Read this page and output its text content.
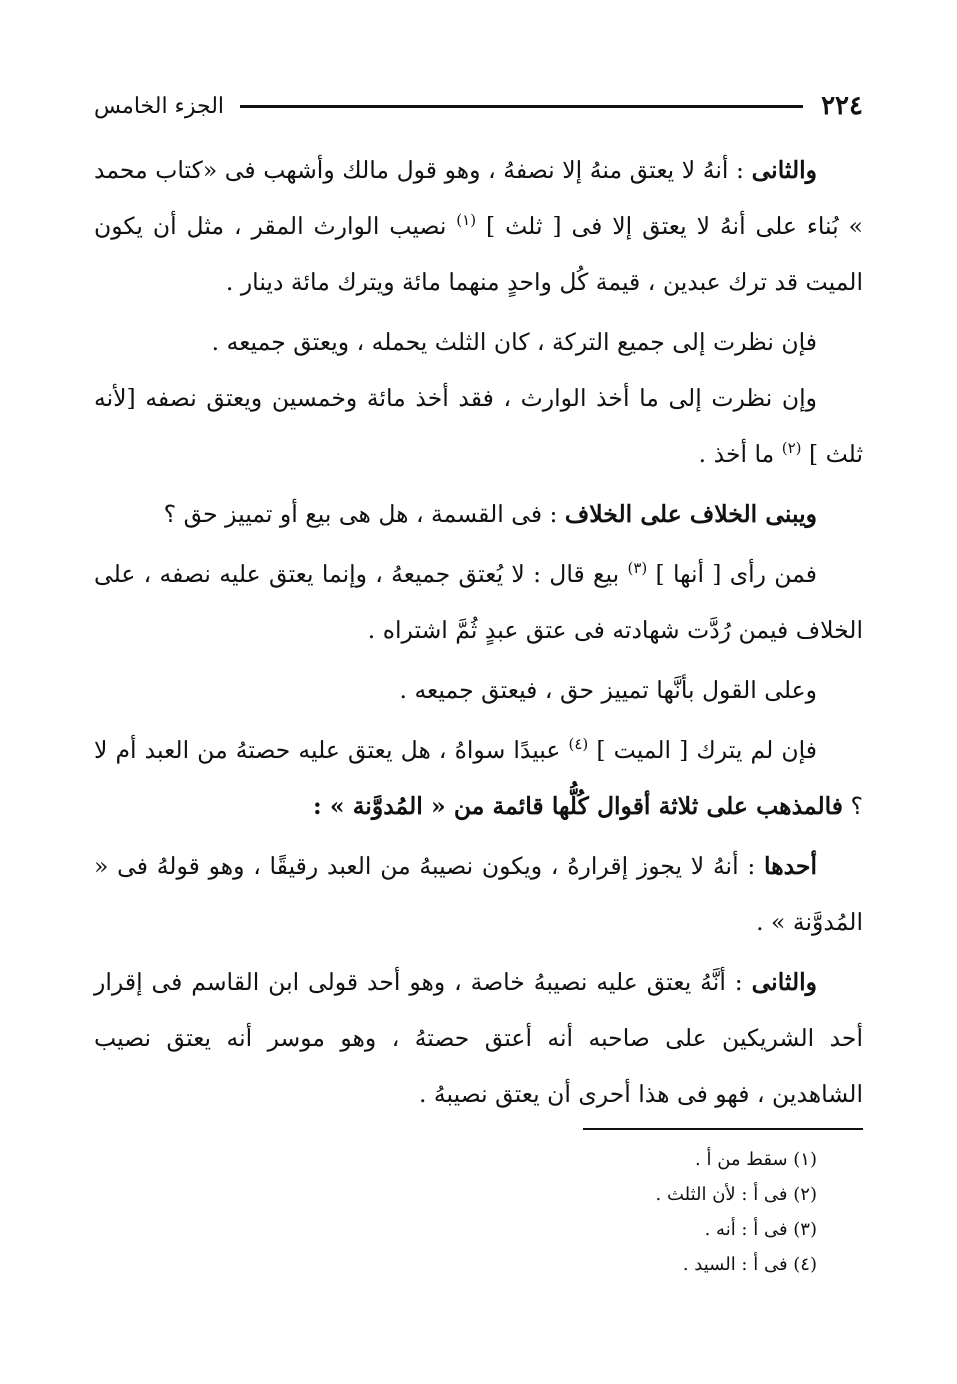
٢٢٤
الجزء الخامس

والثانى : أنهُ لا يعتق منهُ إلا نصفهُ ، وهو قول مالك وأشهب فى «كتاب محمد » بُناء على أنهُ لا يعتق إلا فى [ ثلث ] $^{(١)}$ نصيب الوارث المقر ، مثل أن يكون الميت قد ترك عبدين ، قيمة كُل واحدٍ منهما مائة ويترك مائة دينار .

فإن نظرت إلى جميع التركة ، كان الثلث يحمله ، ويعتق جميعه .

وإن نظرت إلى ما أخذ الوارث ، فقد أخذ مائة وخمسين ويعتق نصفه [لأنه ثلث ] $^{(٢)}$ ما أخذ .

ويبنى الخلاف على الخلاف : فى القسمة ، هل هى بيع أو تمييز حق ؟

فمن رأى [ أنها ] $^{(٣)}$ بيع قال : لا يُعتق جميعهُ ، وإنما يعتق عليه نصفه ، على الخلاف فيمن رُدَّت شهادته فى عتق عبدٍ ثُمَّ اشتراه .

وعلى القول بأنَّها تمييز حق ، فيعتق جميعه .

فإن لم يترك [ الميت ] $^{(٤)}$ عبيدًا سواهُ ، هل يعتق عليه حصتهُ من العبد أم لا ؟ فالمذهب على ثلاثة أقوال كُلُّها قائمة من « المُدوَّنة » :

أحدها : أنهُ لا يجوز إقرارهُ ، ويكون نصيبهُ من العبد رقيقًا ، وهو قولهُ فى « المُدوَّنة » .

والثانى : أنَّهُ يعتق عليه نصيبهُ خاصة ، وهو أحد قولى ابن القاسم فى إقرار أحد الشريكين على صاحبه أنه أعتق حصتهُ ، وهو موسر أنه يعتق نصيب الشاهدين ، فهو فى هذا أحرى أن يعتق نصيبهُ .

(١) سقط من أ .

(٢) فى أ : لأن الثلث .

(٣) فى أ : أنه .

(٤) فى أ : السيد .
